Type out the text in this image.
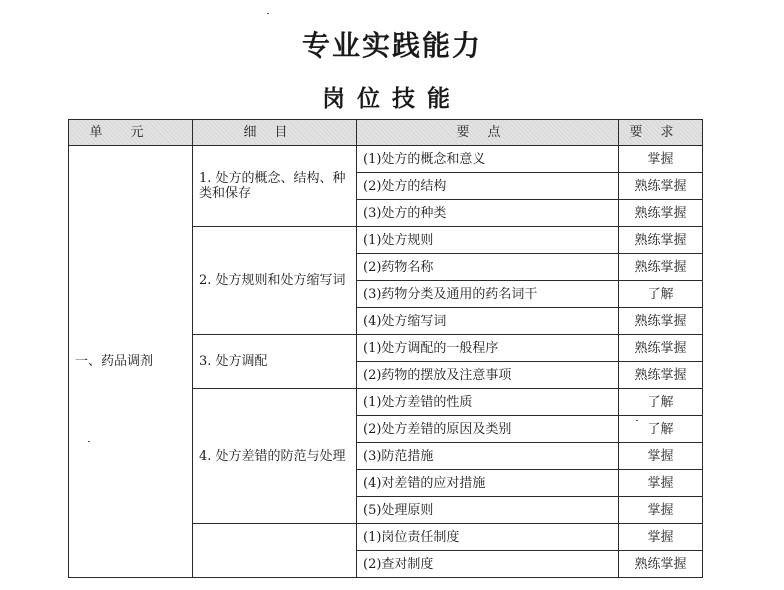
专业实践能力
岗位技能
单元	细目	要点	要求
一、药品调剂	1. 处方的概念、结构、种类和保存	(1)处方的概念和意义	掌握
		(2)处方的结构	熟练掌握
		(3)处方的种类	熟练掌握
	2. 处方规则和处方缩写词	(1)处方规则	熟练掌握
		(2)药物名称	熟练掌握
		(3)药物分类及通用的药名词干	了解
		(4)处方缩写词	熟练掌握
	3. 处方调配	(1)处方调配的一般程序	熟练掌握
		(2)药物的摆放及注意事项	熟练掌握
	4. 处方差错的防范与处理	(1)处方差错的性质	了解
		(2)处方差错的原因及类别	了解
		(3)防范措施	掌握
		(4)对差错的应对措施	掌握
		(5)处理原则	掌握
		(1)岗位责任制度	掌握
		(2)查对制度	熟练掌握
